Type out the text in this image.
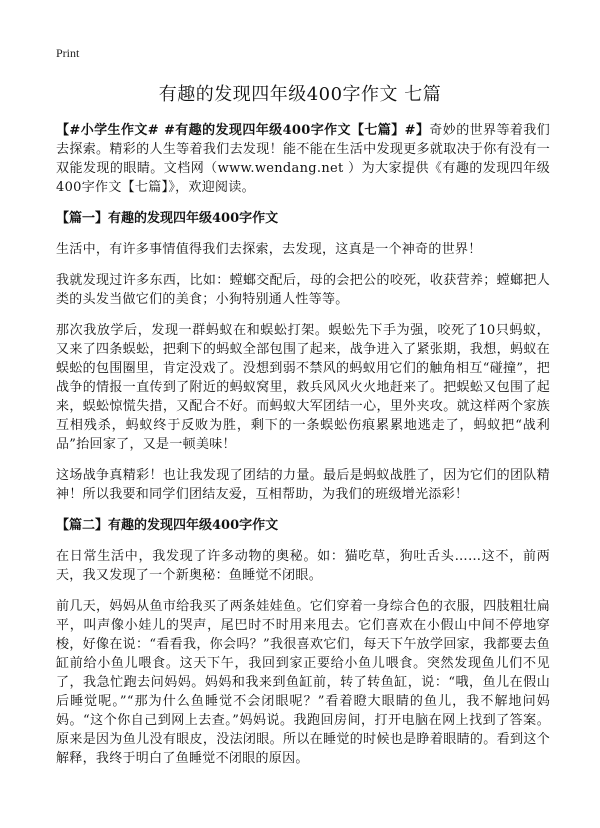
Print
有趣的发现四年级400字作文 七篇

【#小学生作文# #有趣的发现四年级400字作文【七篇】#】奇妙的世界等着我们去探索。精彩的人生等着我们去发现！能不能在生活中发现更多就取决于你有没有一双能发现的眼睛。文档网（www.wendang.net ）为大家提供《有趣的发现四年级400字作文【七篇】》，欢迎阅读。

【篇一】有趣的发现四年级400字作文

生活中，有许多事情值得我们去探索，去发现，这真是一个神奇的世界！

我就发现过许多东西，比如：螳螂交配后，母的会把公的咬死，收获营养；螳螂把人类的头发当做它们的美食；小狗特别通人性等等。

那次我放学后，发现一群蚂蚁在和蜈蚣打架。蜈蚣先下手为强，咬死了10只蚂蚁，又来了四条蜈蚣，把剩下的蚂蚁全部包围了起来，战争进入了紧张期，我想，蚂蚁在蜈蚣的包围圈里，肯定没戏了。没想到弱不禁风的蚂蚁用它们的触角相互“碰撞”，把战争的情报一直传到了附近的蚂蚁窝里，救兵风风火火地赶来了。把蜈蚣又包围了起来，蜈蚣惊慌失措，又配合不好。而蚂蚁大军团结一心，里外夹攻。就这样两个家族互相残杀，蚂蚁终于反败为胜，剩下的一条蜈蚣伤痕累累地逃走了，蚂蚁把“战利品”抬回家了，又是一顿美味！

这场战争真精彩！也让我发现了团结的力量。最后是蚂蚁战胜了，因为它们的团队精神！所以我要和同学们团结友爱，互相帮助，为我们的班级增光添彩！

【篇二】有趣的发现四年级400字作文

在日常生活中，我发现了许多动物的奥秘。如：猫吃草，狗吐舌头……这不，前两天，我又发现了一个新奥秘：鱼睡觉不闭眼。

前几天，妈妈从鱼市给我买了两条娃娃鱼。它们穿着一身综合色的衣服，四肢粗壮扁平，叫声像小娃儿的哭声，尾巴时不时用来甩去。它们喜欢在小假山中间不停地穿梭，好像在说：“看看我，你会吗？”我很喜欢它们，每天下午放学回家，我都要去鱼缸前给小鱼儿喂食。这天下午，我回到家正要给小鱼儿喂食。突然发现鱼儿们不见了，我急忙跑去问妈妈。妈妈和我来到鱼缸前，转了转鱼缸，说：“哦，鱼儿在假山后睡觉呢。”“那为什么鱼睡觉不会闭眼呢？”看着瞪大眼睛的鱼儿，我不解地问妈妈。“这个你自己到网上去查。”妈妈说。我跑回房间，打开电脑在网上找到了答案。原来是因为鱼儿没有眼皮，没法闭眼。所以在睡觉的时候也是睁着眼睛的。看到这个解释，我终于明白了鱼睡觉不闭眼的原因。
